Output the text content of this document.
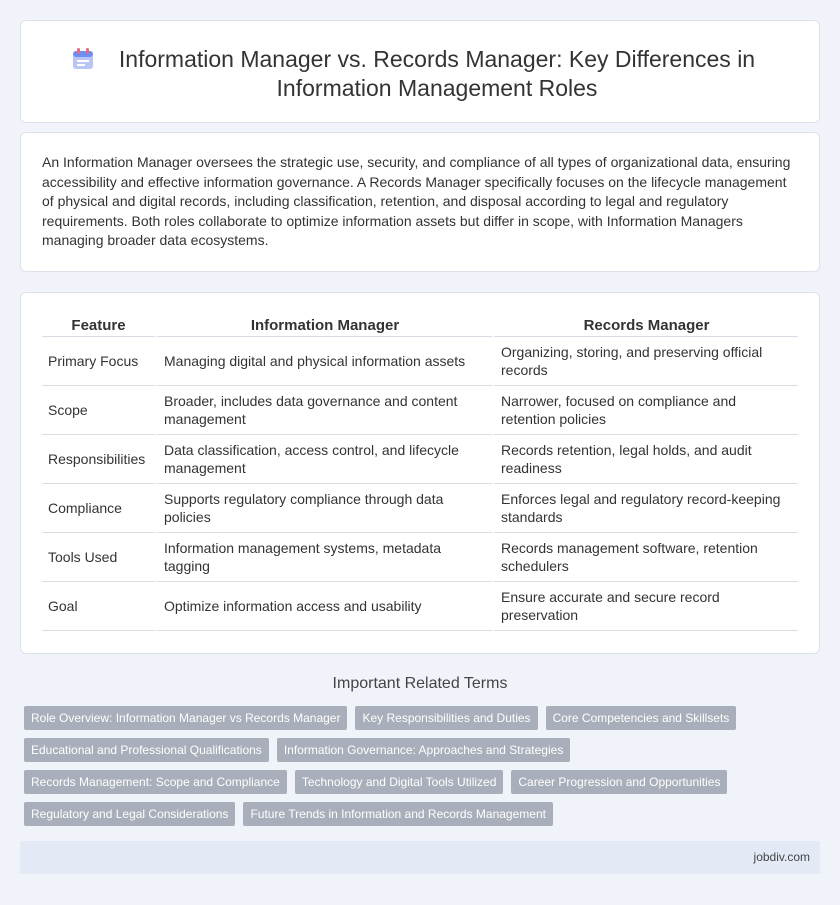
Information Manager vs. Records Manager: Key Differences in Information Management Roles

An Information Manager oversees the strategic use, security, and compliance of all types of organizational data, ensuring accessibility and effective information governance. A Records Manager specifically focuses on the lifecycle management of physical and digital records, including classification, retention, and disposal according to legal and regulatory requirements. Both roles collaborate to optimize information assets but differ in scope, with Information Managers managing broader data ecosystems.

Feature	Information Manager	Records Manager
Primary Focus	Managing digital and physical information assets	Organizing, storing, and preserving official records
Scope	Broader, includes data governance and content management	Narrower, focused on compliance and retention policies
Responsibilities	Data classification, access control, and lifecycle management	Records retention, legal holds, and audit readiness
Compliance	Supports regulatory compliance through data policies	Enforces legal and regulatory record-keeping standards
Tools Used	Information management systems, metadata tagging	Records management software, retention schedulers
Goal	Optimize information access and usability	Ensure accurate and secure record preservation
Important Related Terms
Role Overview: Information Manager vs Records Manager	Key Responsibilities and Duties	Core Competencies and Skillsets
Educational and Professional Qualifications	Information Governance: Approaches and Strategies
Records Management: Scope and Compliance	Technology and Digital Tools Utilized	Career Progression and Opportunities
Regulatory and Legal Considerations	Future Trends in Information and Records Management
jobdiv.com
